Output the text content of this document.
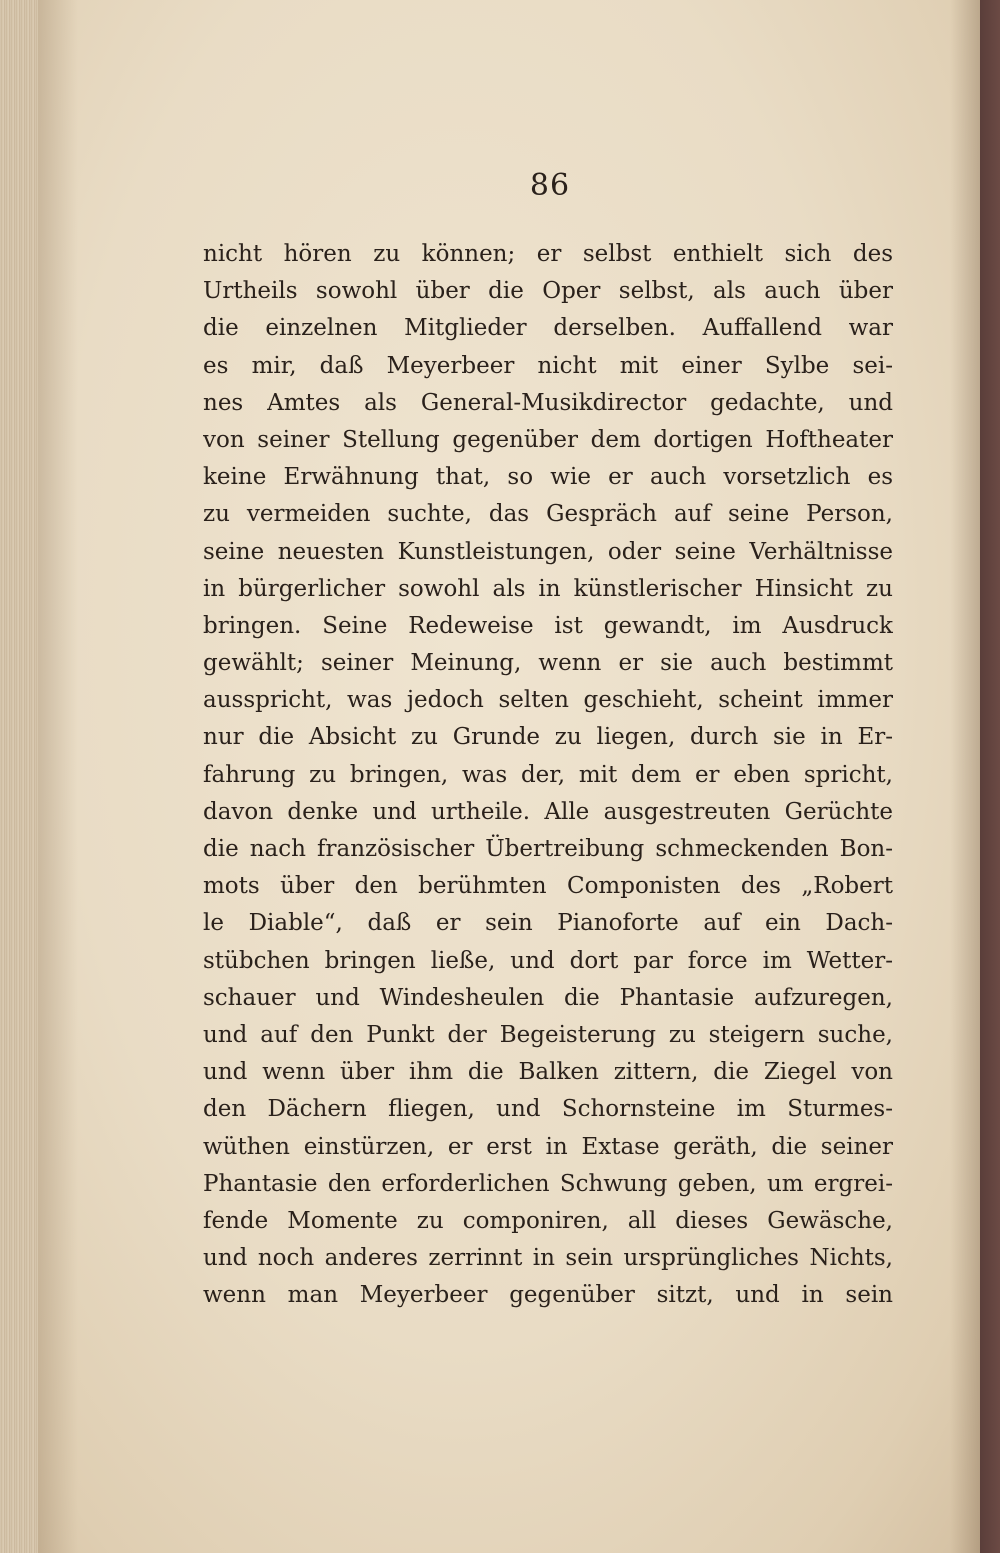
86
nicht hören zu können; er selbst enthielt sich des
Urtheils sowohl über die Oper selbst, als auch über
die einzelnen Mitglieder derselben. Auffallend war
es mir, daß Meyerbeer nicht mit einer Sylbe sei-
nes Amtes als General-Musikdirector gedachte, und
von seiner Stellung gegenüber dem dortigen Hoftheater
keine Erwähnung that, so wie er auch vorsetzlich es
zu vermeiden suchte, das Gespräch auf seine Person,
seine neuesten Kunstleistungen, oder seine Verhältnisse
in bürgerlicher sowohl als in künstlerischer Hinsicht zu
bringen. Seine Redeweise ist gewandt, im Ausdruck
gewählt; seiner Meinung, wenn er sie auch bestimmt
ausspricht, was jedoch selten geschieht, scheint immer
nur die Absicht zu Grunde zu liegen, durch sie in Er-
fahrung zu bringen, was der, mit dem er eben spricht,
davon denke und urtheile. Alle ausgestreuten Gerüchte
die nach französischer Übertreibung schmeckenden Bon-
mots über den berühmten Componisten des „Robert
le Diable“, daß er sein Pianoforte auf ein Dach-
stübchen bringen ließe, und dort par force im Wetter-
schauer und Windesheulen die Phantasie aufzuregen,
und auf den Punkt der Begeisterung zu steigern suche,
und wenn über ihm die Balken zittern, die Ziegel von
den Dächern fliegen, und Schornsteine im Sturmes-
wüthen einstürzen, er erst in Extase geräth, die seiner
Phantasie den erforderlichen Schwung geben, um ergrei-
fende Momente zu componiren, all dieses Gewäsche,
und noch anderes zerrinnt in sein ursprüngliches Nichts,
wenn man Meyerbeer gegenüber sitzt, und in sein
